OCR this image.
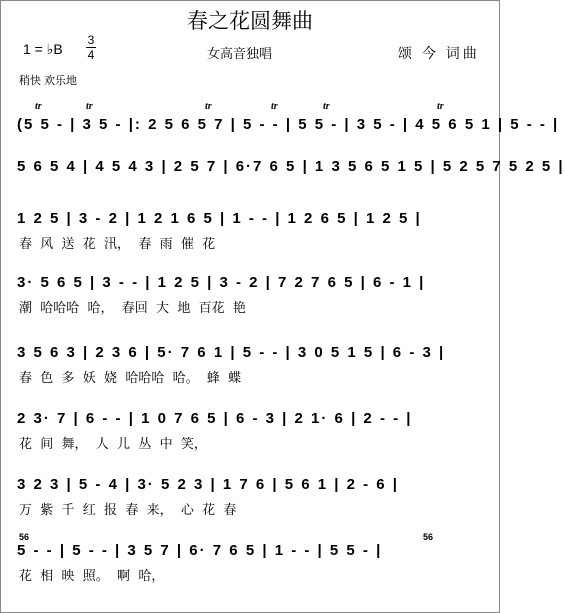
春之花圆舞曲
1 = ♭B
3
4	女高音独唱	颂 今 词曲
稍快 欢乐地
tr	tr	tr	tr	tr	tr
(5 5 - | 3 5 - |: 2 5 6 5 7 | 5 - - | 5 5 - | 3 5 - | 4 5 6 5 1 | 5 - - |
5 6 5 4 | 4 5 4 3 | 2 5 7 | 6·7 6 5 | 1 3 5 6 5 1 5 | 5 2 5 7 5 2 5 |
1 2 5 | 3 - 2 | 1 2 1 6 5 | 1 - - | 1 2 6 5 | 1 2 5 |
春  风  送  花  汛，  春  雨  催  花
3· 5 6 5 | 3 - - | 1 2 5 | 3 - 2 | 7 2 7 6 5 | 6 - 1 |
潮  哈哈哈  哈，  春回  大  地  百花  艳
3 5 6 3 | 2 3 6 | 5· 7 6 1 | 5 - - | 3 0 5 1 5 | 6 - 3 |
春  色  多  妖  娆  哈哈哈  哈。  蜂  蝶
2 3· 7 | 6 - - | 1 0 7 6 5 | 6 - 3 | 2 1· 6 | 2 - - |
花  间  舞，  人  儿  丛  中  笑，
3 2 3 | 5 - 4 | 3· 5 2 3 | 1 7 6 | 5 6 1 | 2 - 6 |
万  紫  千  红  报  春  来，  心  花  春
56	56
5 - - | 5 - - | 3 5 7 | 6· 7 6 5 | 1 - - | 5 5 - |
花  相  映  照。  啊  哈，
